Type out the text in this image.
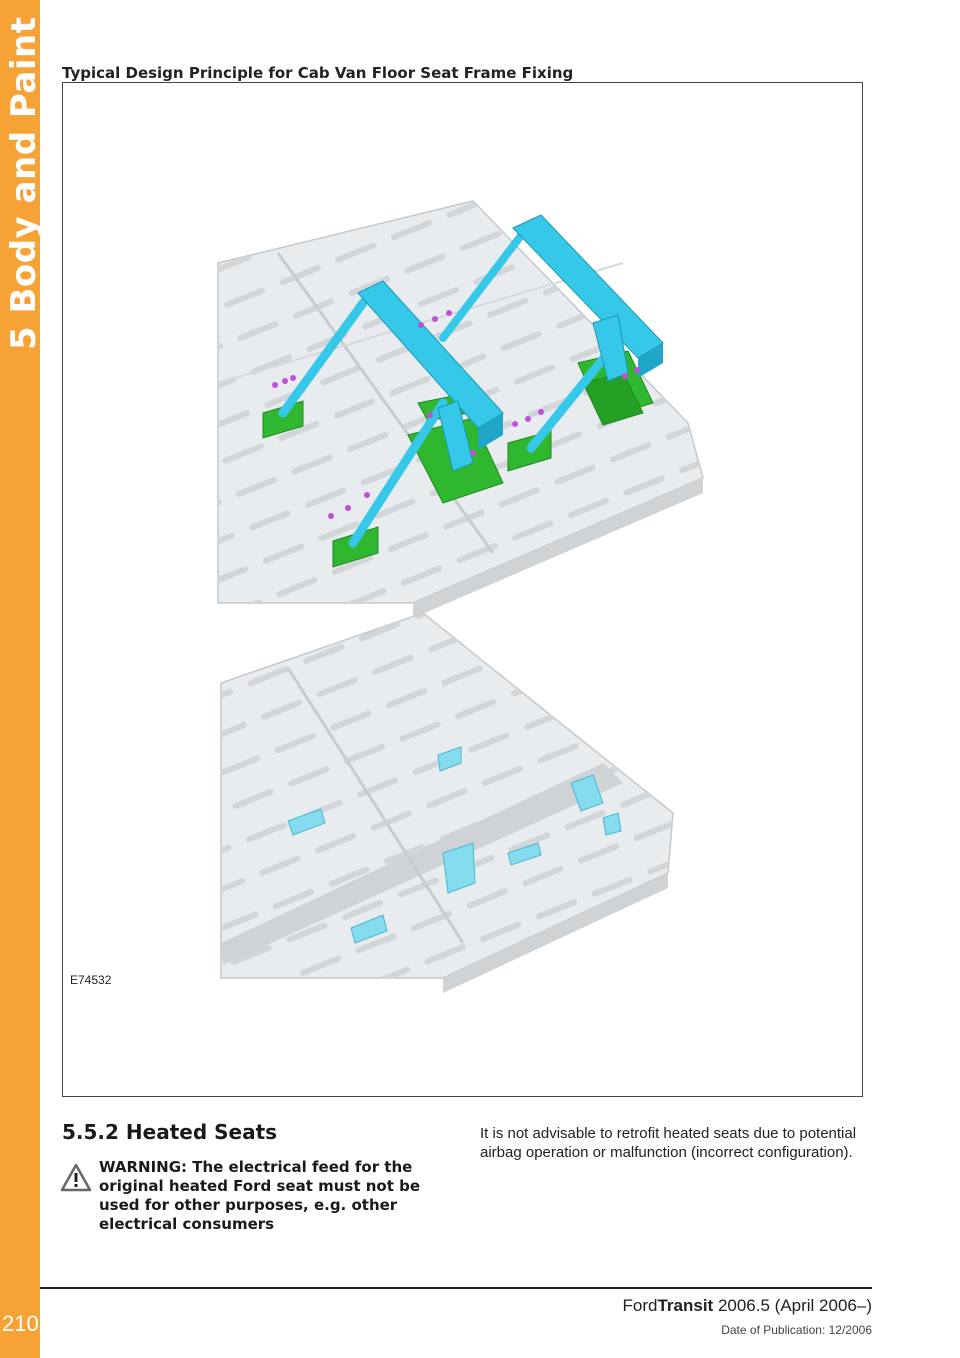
5 Body and Paint
210
Typical Design Principle for Cab Van Floor Seat Frame Fixing
E74532
5.5.2 Heated Seats
WARNING: The electrical feed for the original heated Ford seat must not be used for other purposes, e.g. other electrical consumers
It is not advisable to retrofit heated seats due to potential airbag operation or malfunction (incorrect configuration).
FordTransit 2006.5 (April 2006–)
Date of Publication: 12/2006
